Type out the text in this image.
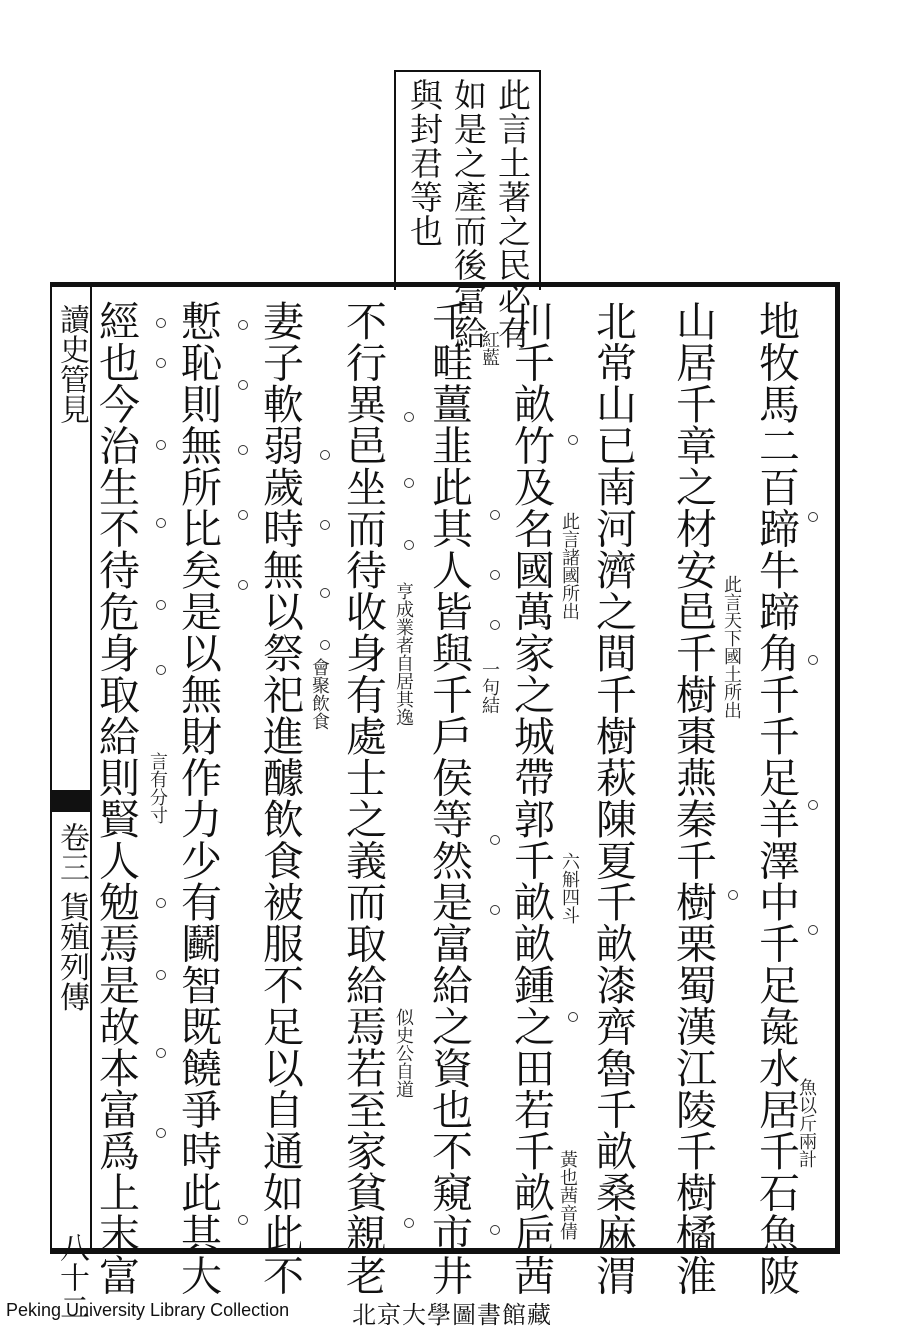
此言土著之民必有
如是之產而後富給
與封君等也
讀史管見
卷三 貨殖列傳
八十二	地牧馬二百蹄牛蹄角千千足羊澤中千足彘水居千石魚陂
山居千章之材安邑千樹棗燕秦千樹栗蜀漢江陵千樹橘淮
北常山已南河濟之間千樹萩陳夏千畝漆齊魯千畝桑麻渭
川千畝竹及名國萬家之城帶郭千畝畝鍾之田若千畝巵茜
千畦薑韭此其人皆與千戶侯等然是富給之資也不窺市井
不行異邑坐而待收身有處士之義而取給焉若至家貧親老
妻子軟弱歲時無以祭祀進醵飲食被服不足以自通如此不
慙恥則無所比矣是以無財作力少有鬬智既饒爭時此其大
經也今治生不待危身取給則賢人勉焉是故本富爲上末富	魚以斤兩計
此言天下國土所出
此言諸國所出
六斛四斗
黃也茜音倩
紅藍
一句結
亨成業者自居其逸
似史公自道
會聚飲食
言有分寸
Peking University Library Collection	北京大學圖書館藏
